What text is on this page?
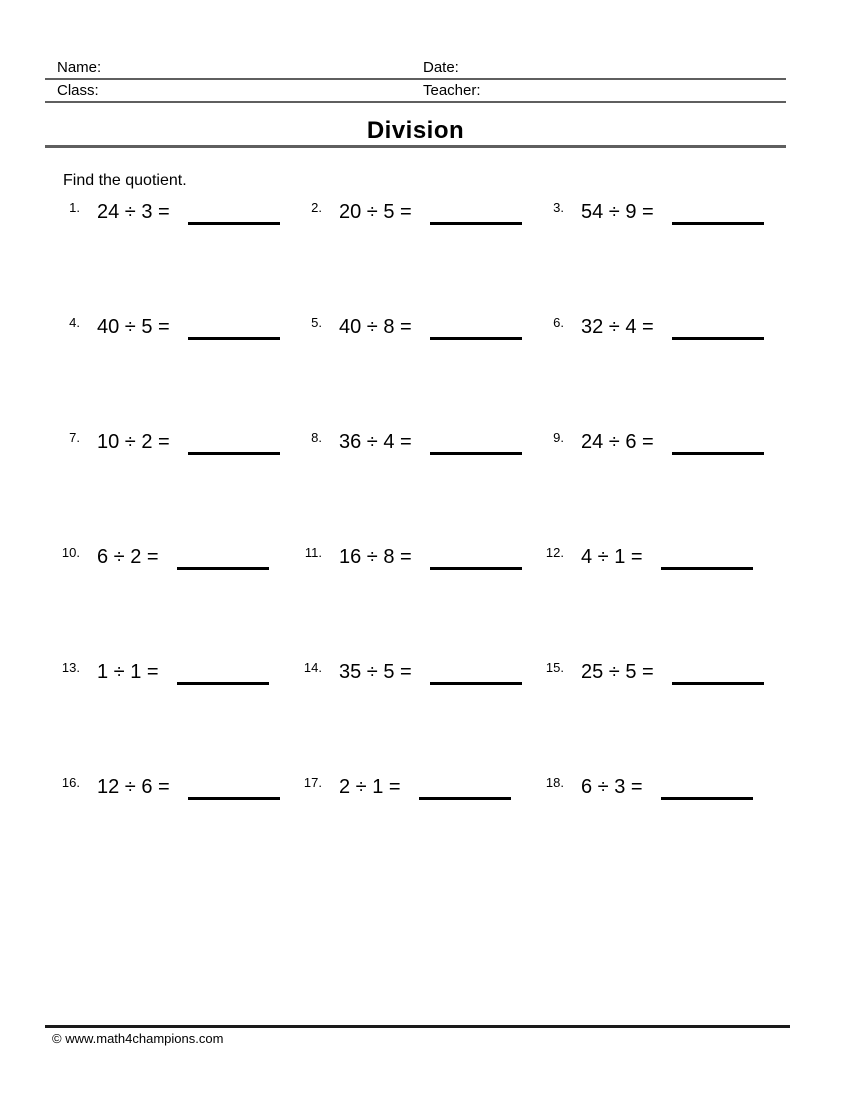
Name:	Date:
Class:	Teacher:
Division
Find the quotient.
1. 24 ÷ 3 =	2. 20 ÷ 5 =	3. 54 ÷ 9 =
4. 40 ÷ 5 =	5. 40 ÷ 8 =	6. 32 ÷ 4 =
7. 10 ÷ 2 =	8. 36 ÷ 4 =	9. 24 ÷ 6 =
10. 6 ÷ 2 =	11. 16 ÷ 8 =	12. 4 ÷ 1 =
13. 1 ÷ 1 =	14. 35 ÷ 5 =	15. 25 ÷ 5 =
16. 12 ÷ 6 =	17. 2 ÷ 1 =	18. 6 ÷ 3 =
© www.math4champions.com
